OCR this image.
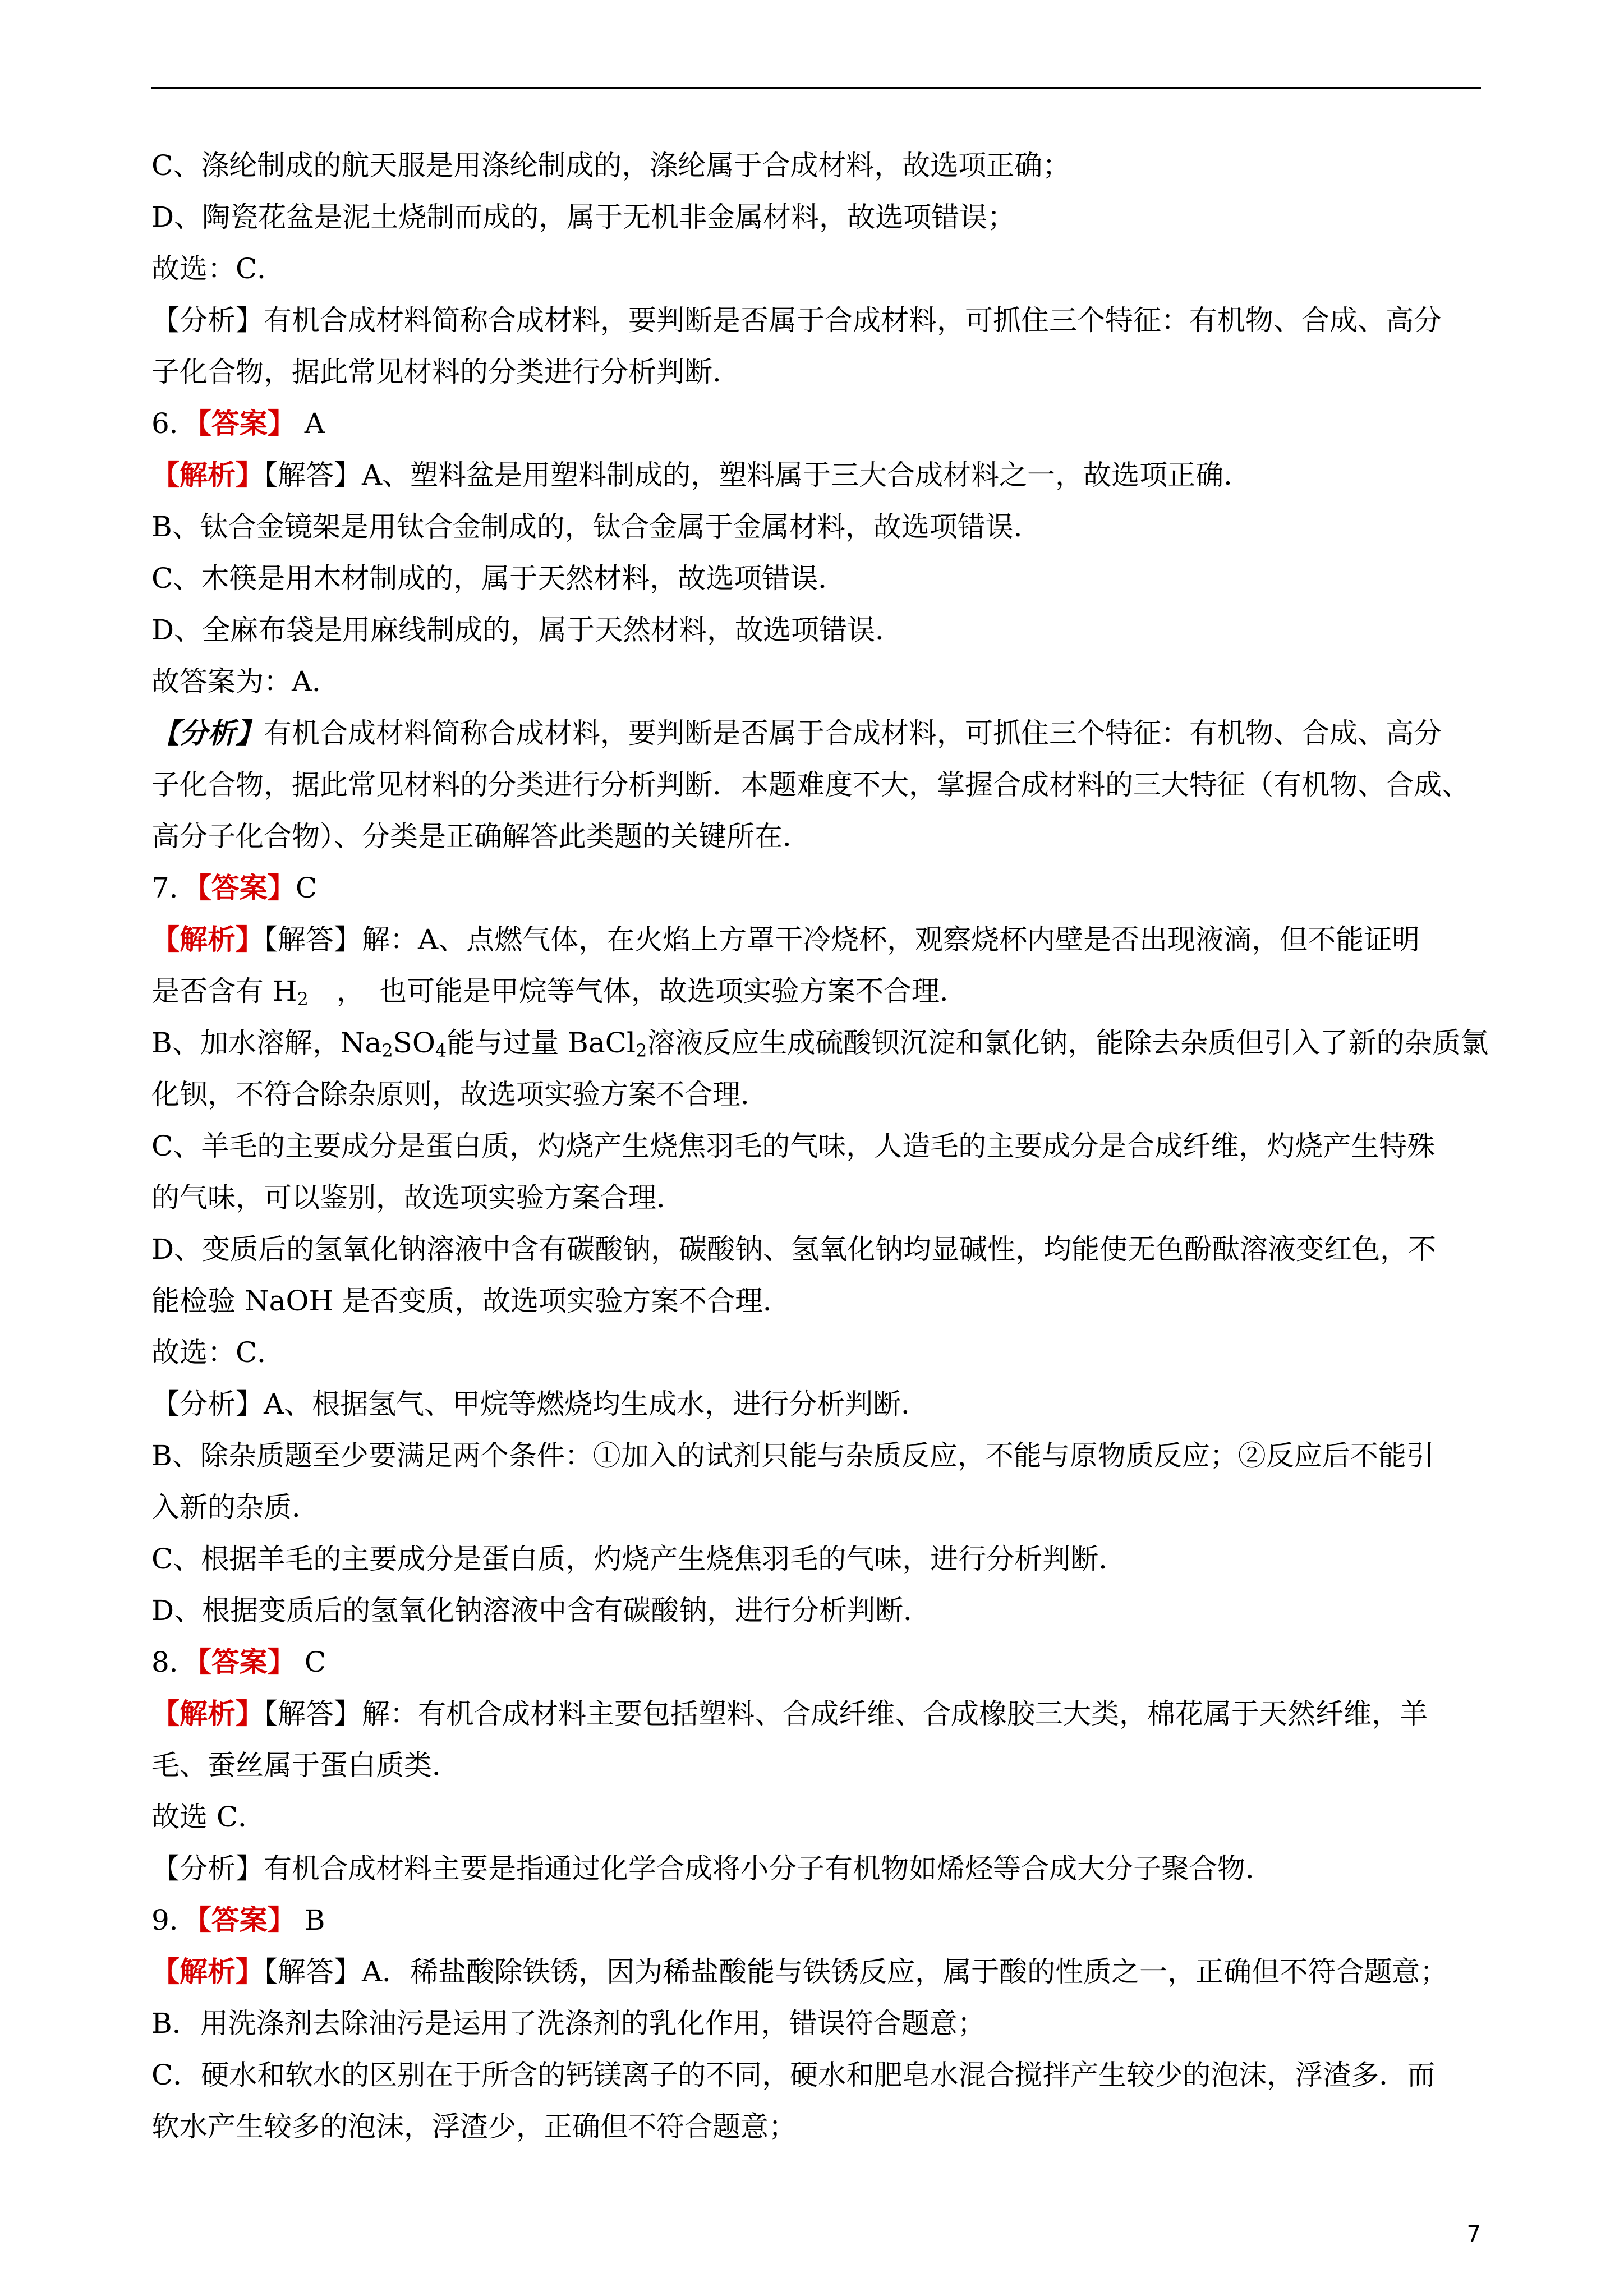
C、涤纶制成的航天服是用涤纶制成的，涤纶属于合成材料，故选项正确；
D、陶瓷花盆是泥土烧制而成的，属于无机非金属材料，故选项错误；
故选：C．
【分析】有机合成材料简称合成材料，要判断是否属于合成材料，可抓住三个特征：有机物、合成、高分
子化合物，据此常见材料的分类进行分析判断．
6．【答案】 A
【解析】【解答】A、塑料盆是用塑料制成的，塑料属于三大合成材料之一，故选项正确．
B、钛合金镜架是用钛合金制成的，钛合金属于金属材料，故选项错误．
C、木筷是用木材制成的，属于天然材料，故选项错误．
D、全麻布袋是用麻线制成的，属于天然材料，故选项错误．
故答案为：A．
【分析】有机合成材料简称合成材料，要判断是否属于合成材料，可抓住三个特征：有机物、合成、高分
子化合物，据此常见材料的分类进行分析判断．本题难度不大，掌握合成材料的三大特征（有机物、合成、
高分子化合物）、分类是正确解答此类题的关键所在．
7．【答案】C
【解析】【解答】解：A、点燃气体，在火焰上方罩干冷烧杯，观察烧杯内壁是否出现液滴，但不能证明
是否含有 $H_2$　，　也可能是甲烷等气体，故选项实验方案不合理．
B、加水溶解，$Na_2SO_4$能与过量 BaCl$_2$溶液反应生成硫酸钡沉淀和氯化钠，能除去杂质但引入了新的杂质氯
化钡，不符合除杂原则，故选项实验方案不合理．
C、羊毛的主要成分是蛋白质，灼烧产生烧焦羽毛的气味，人造毛的主要成分是合成纤维，灼烧产生特殊
的气味，可以鉴别，故选项实验方案合理．
D、变质后的氢氧化钠溶液中含有碳酸钠，碳酸钠、氢氧化钠均显碱性，均能使无色酚酞溶液变红色，不
能检验 NaOH 是否变质，故选项实验方案不合理．
故选：C．
【分析】A、根据氢气、甲烷等燃烧均生成水，进行分析判断．
B、除杂质题至少要满足两个条件：①加入的试剂只能与杂质反应，不能与原物质反应；②反应后不能引
入新的杂质．
C、根据羊毛的主要成分是蛋白质，灼烧产生烧焦羽毛的气味，进行分析判断．
D、根据变质后的氢氧化钠溶液中含有碳酸钠，进行分析判断．
8．【答案】 C
【解析】【解答】解：有机合成材料主要包括塑料、合成纤维、合成橡胶三大类，棉花属于天然纤维，羊
毛、蚕丝属于蛋白质类．
故选 C．
【分析】有机合成材料主要是指通过化学合成将小分子有机物如烯烃等合成大分子聚合物．
9．【答案】 B
【解析】【解答】A．稀盐酸除铁锈，因为稀盐酸能与铁锈反应，属于酸的性质之一，正确但不符合题意；
B．用洗涤剂去除油污是运用了洗涤剂的乳化作用，错误符合题意；
C．硬水和软水的区别在于所含的钙镁离子的不同，硬水和肥皂水混合搅拌产生较少的泡沫，浮渣多．而
软水产生较多的泡沫，浮渣少，正确但不符合题意；
7
